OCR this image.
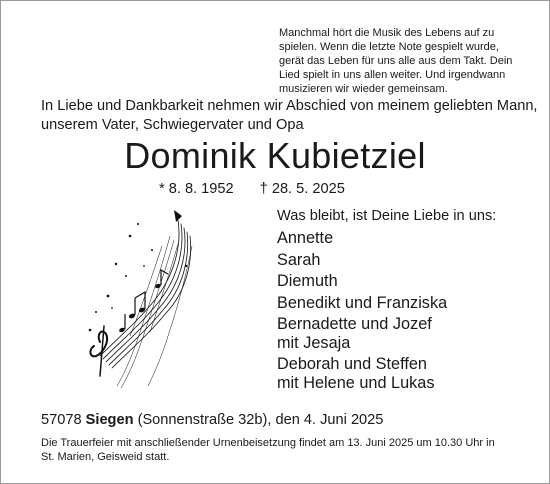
Manchmal hört die Musik des Lebens auf zu
spielen. Wenn die letzte Note gespielt wurde,
gerät das Leben für uns alle aus dem Takt. Dein
Lied spielt in uns allen weiter. Und irgendwann
musizieren wir wieder gemeinsam.
In Liebe und Dankbarkeit nehmen wir Abschied von meinem geliebten Mann,
unserem Vater, Schwiegervater und Opa
Dominik Kubietziel
* 8. 8. 1952 † 28. 5. 2025
Was bleibt, ist Deine Liebe in uns:
Annette
Sarah
Diemuth
Benedikt und Franziska
Bernadette und Jozef
mit Jesaja
Deborah und Steffen
mit Helene und Lukas
57078 Siegen (Sonnenstraße 32b), den 4. Juni 2025
Die Trauerfeier mit anschließender Urnenbeisetzung findet am 13. Juni 2025 um 10.30 Uhr in
St. Marien, Geisweid statt.
